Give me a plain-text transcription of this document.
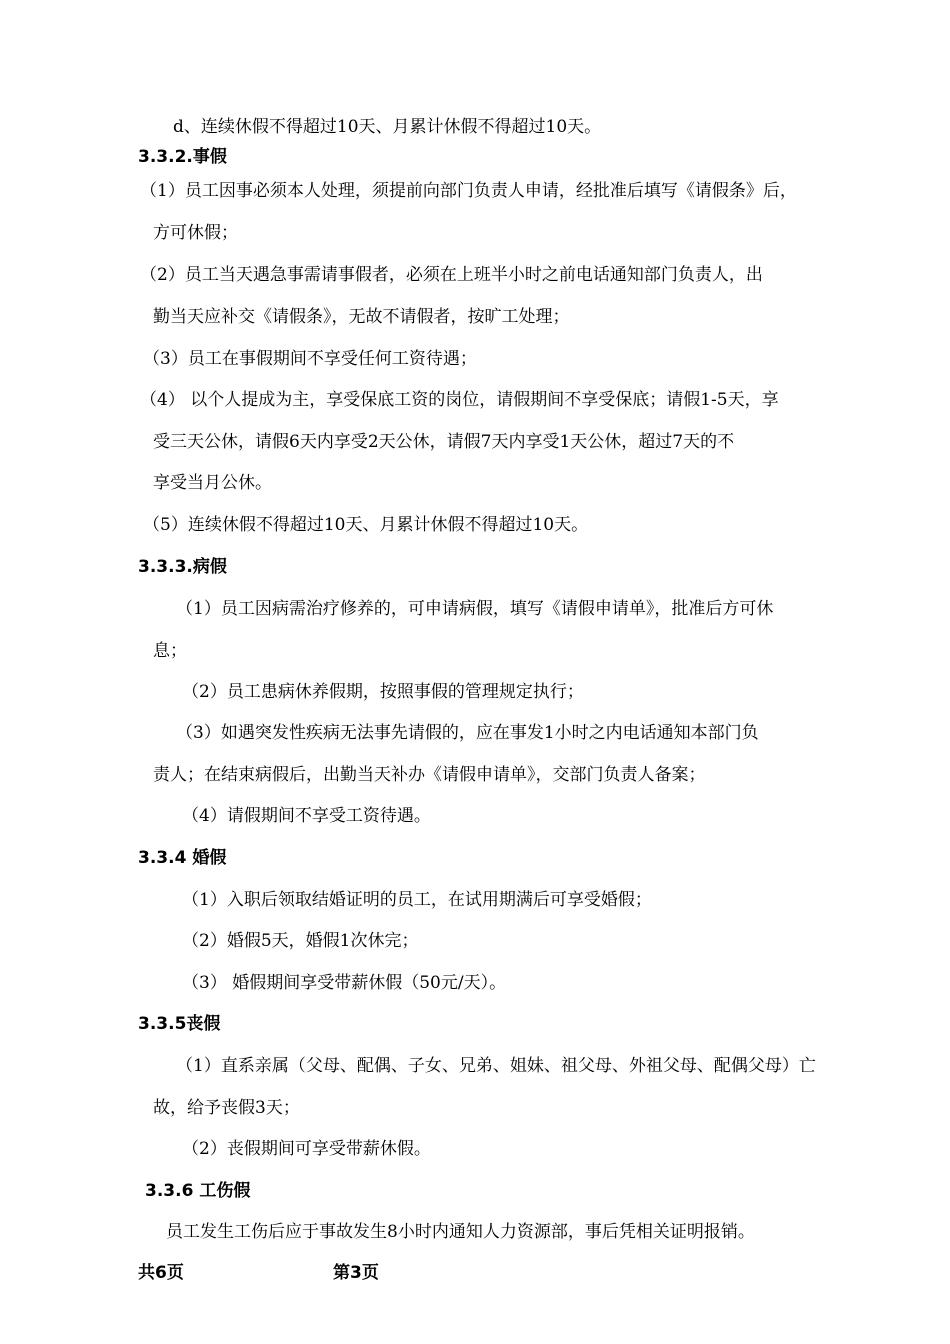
d、连续休假不得超过10天、月累计休假不得超过10天。
3.3.2.事假
（1）员工因事必须本人处理，须提前向部门负责人申请，经批准后填写《请假条》后，
方可休假；
（2）员工当天遇急事需请事假者，必须在上班半小时之前电话通知部门负责人，出
勤当天应补交《请假条》，无故不请假者，按旷工处理；
（3）员工在事假期间不享受任何工资待遇；
（4） 以个人提成为主，享受保底工资的岗位，请假期间不享受保底；请假1-5天，享
受三天公休，请假6天内享受2天公休，请假7天内享受1天公休，超过7天的不
享受当月公休。
（5）连续休假不得超过10天、月累计休假不得超过10天。
3.3.3.病假
（1）员工因病需治疗修养的，可申请病假，填写《请假申请单》，批准后方可休
息；
（2）员工患病休养假期，按照事假的管理规定执行；
（3）如遇突发性疾病无法事先请假的，应在事发1小时之内电话通知本部门负
责人；在结束病假后，出勤当天补办《请假申请单》，交部门负责人备案；
（4）请假期间不享受工资待遇。
3.3.4 婚假
（1）入职后领取结婚证明的员工，在试用期满后可享受婚假；
（2）婚假5天，婚假1次休完；
（3） 婚假期间享受带薪休假（50元/天）。
3.3.5丧假
（1）直系亲属（父母、配偶、子女、兄弟、姐妹、祖父母、外祖父母、配偶父母）亡
故，给予丧假3天；
（2）丧假期间可享受带薪休假。
3.3.6 工伤假
员工发生工伤后应于事故发生8小时内通知人力资源部，事后凭相关证明报销。
共6页	第3页
